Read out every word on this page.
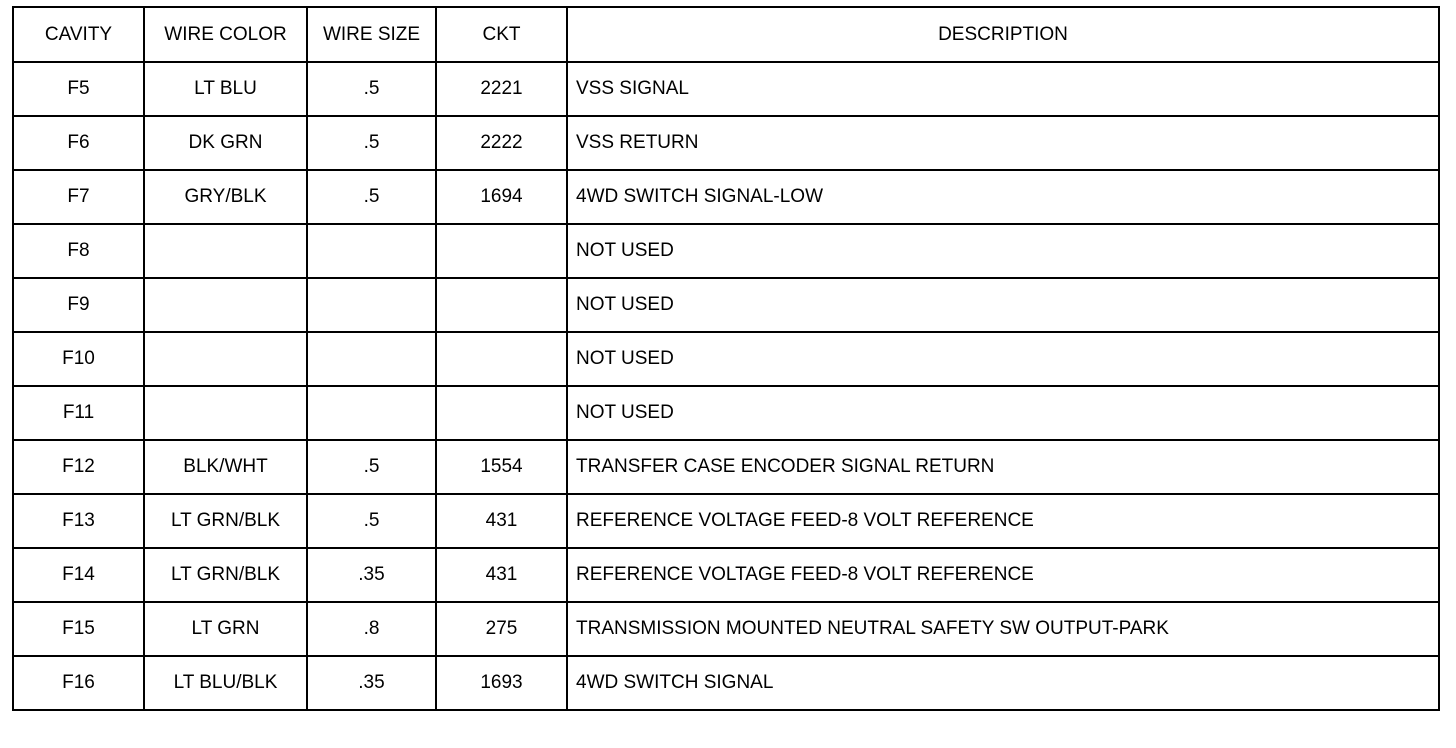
CAVITY	WIRE COLOR	WIRE SIZE	CKT	DESCRIPTION
F5	LT BLU	.5	2221	VSS SIGNAL
F6	DK GRN	.5	2222	VSS RETURN
F7	GRY/BLK	.5	1694	4WD SWITCH SIGNAL-LOW
F8				NOT USED
F9				NOT USED
F10				NOT USED
F11				NOT USED
F12	BLK/WHT	.5	1554	TRANSFER CASE ENCODER SIGNAL RETURN
F13	LT GRN/BLK	.5	431	REFERENCE VOLTAGE FEED-8 VOLT REFERENCE
F14	LT GRN/BLK	.35	431	REFERENCE VOLTAGE FEED-8 VOLT REFERENCE
F15	LT GRN	.8	275	TRANSMISSION MOUNTED NEUTRAL SAFETY SW OUTPUT-PARK
F16	LT BLU/BLK	.35	1693	4WD SWITCH SIGNAL
